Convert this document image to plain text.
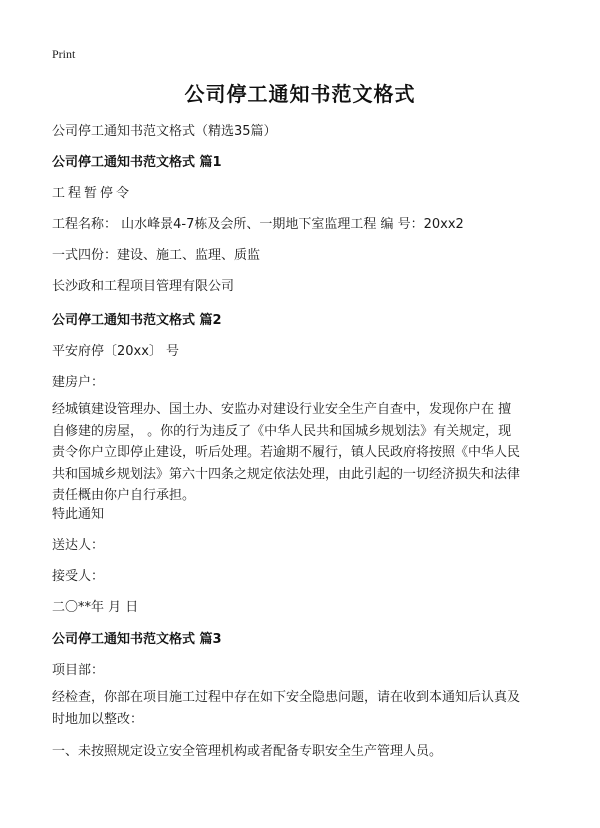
Print
公司停工通知书范文格式
公司停工通知书范文格式（精选35篇）
公司停工通知书范文格式 篇1
工程暂停令
工程名称： 山水峰景4-7栋及会所、一期地下室监理工程 编 号：20xx2
一式四份：建设、施工、监理、质监
长沙政和工程项目管理有限公司
公司停工通知书范文格式 篇2
平安府停〔20xx〕 号
建房户：
经城镇建设管理办、国土办、安监办对建设行业安全生产自查中，发现你户在 擅
自修建的房屋， 。你的行为违反了《中华人民共和国城乡规划法》有关规定，现
责令你户立即停止建设，听后处理。若逾期不履行，镇人民政府将按照《中华人民
共和国城乡规划法》第六十四条之规定依法处理，由此引起的一切经济损失和法律
责任概由你户自行承担。
特此通知
送达人：
接受人：
二〇**年 月 日
公司停工通知书范文格式 篇3
项目部：
经检查，你部在项目施工过程中存在如下安全隐患问题，请在收到本通知后认真及
时地加以整改：
一、未按照规定设立安全管理机构或者配备专职安全生产管理人员。
